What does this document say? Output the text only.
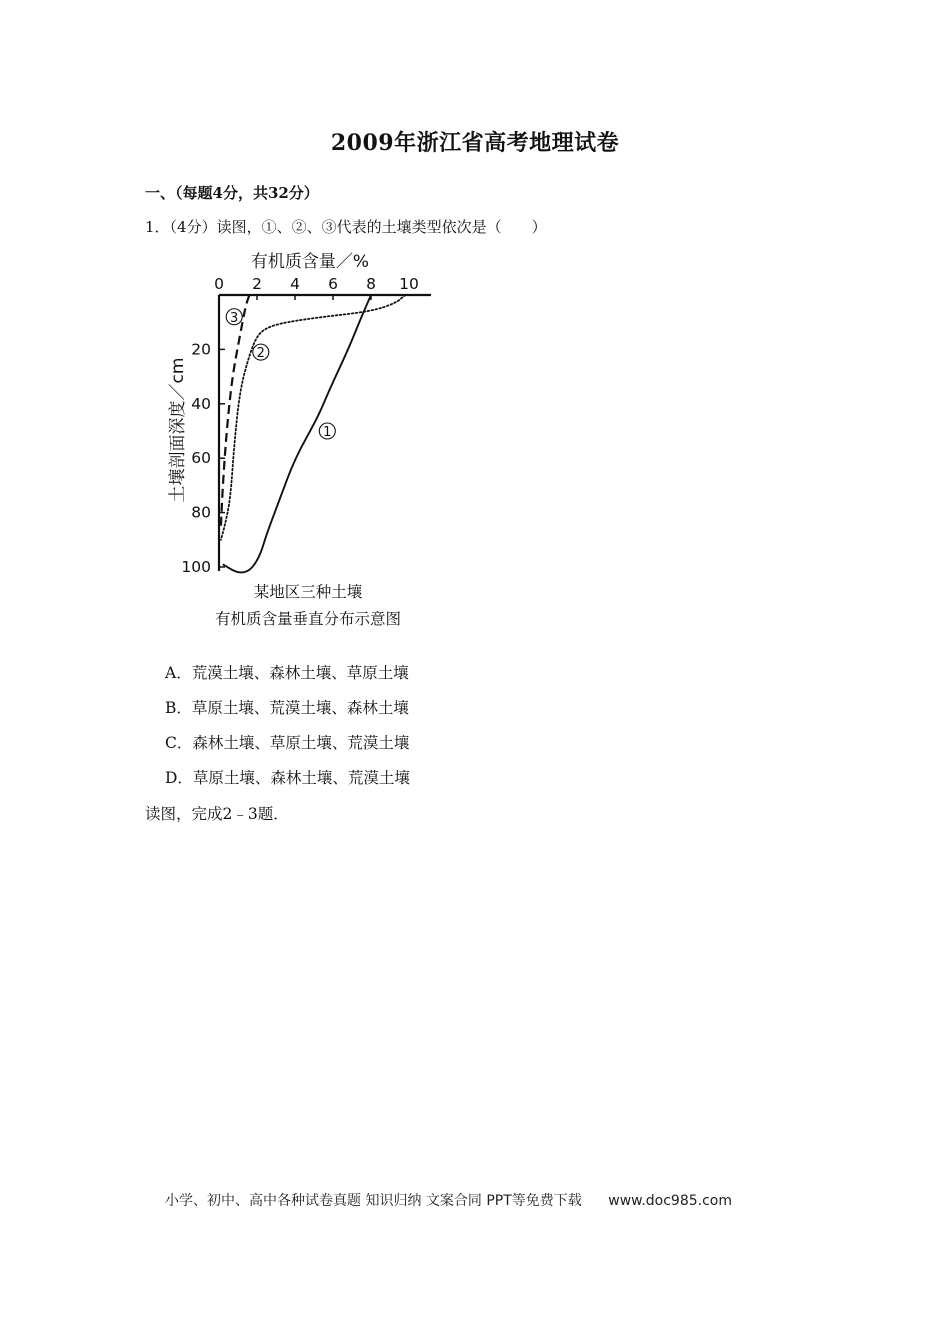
2009年浙江省高考地理试卷
一、（每题4分，共32分）
1．（4分）读图，①、②、③代表的土壤类型依次是（　　）
有机质含量／%
0 2 4 6 8 10
20
40
60
80
100
土壤剖面深度／cm	1
2
3
某地区三种土壤
有机质含量垂直分布示意图
A．荒漠土壤、森林土壤、草原土壤
B．草原土壤、荒漠土壤、森林土壤
C．森林土壤、草原土壤、荒漠土壤
D．草原土壤、森林土壤、荒漠土壤
读图，完成2﹣3题．
小学、初中、高中各种试卷真题 知识归纳 文案合同 PPT等免费下载 www.doc985.com
